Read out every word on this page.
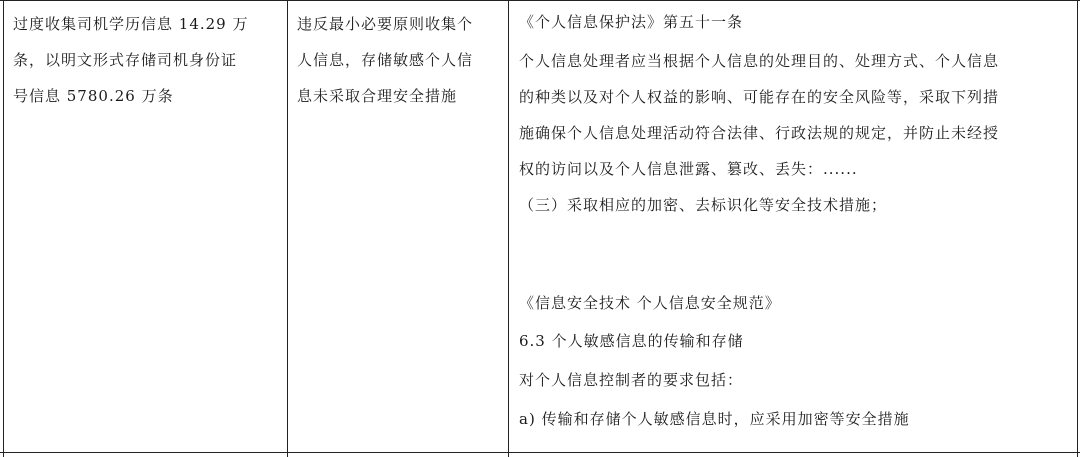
过度收集司机学历信息 14.29 万
条，以明文形式存储司机身份证
号信息 5780.26 万条
违反最小必要原则收集个
人信息，存储敏感个人信
息未采取合理安全措施
《个人信息保护法》第五十一条
个人信息处理者应当根据个人信息的处理目的、处理方式、个人信息
的种类以及对个人权益的影响、可能存在的安全风险等，采取下列措
施确保个人信息处理活动符合法律、行政法规的规定，并防止未经授
权的访问以及个人信息泄露、篡改、丢失：......
（三）采取相应的加密、去标识化等安全技术措施；
《信息安全技术 个人信息安全规范》
6.3 个人敏感信息的传输和存储
对个人信息控制者的要求包括：
a) 传输和存储个人敏感信息时，应采用加密等安全措施
